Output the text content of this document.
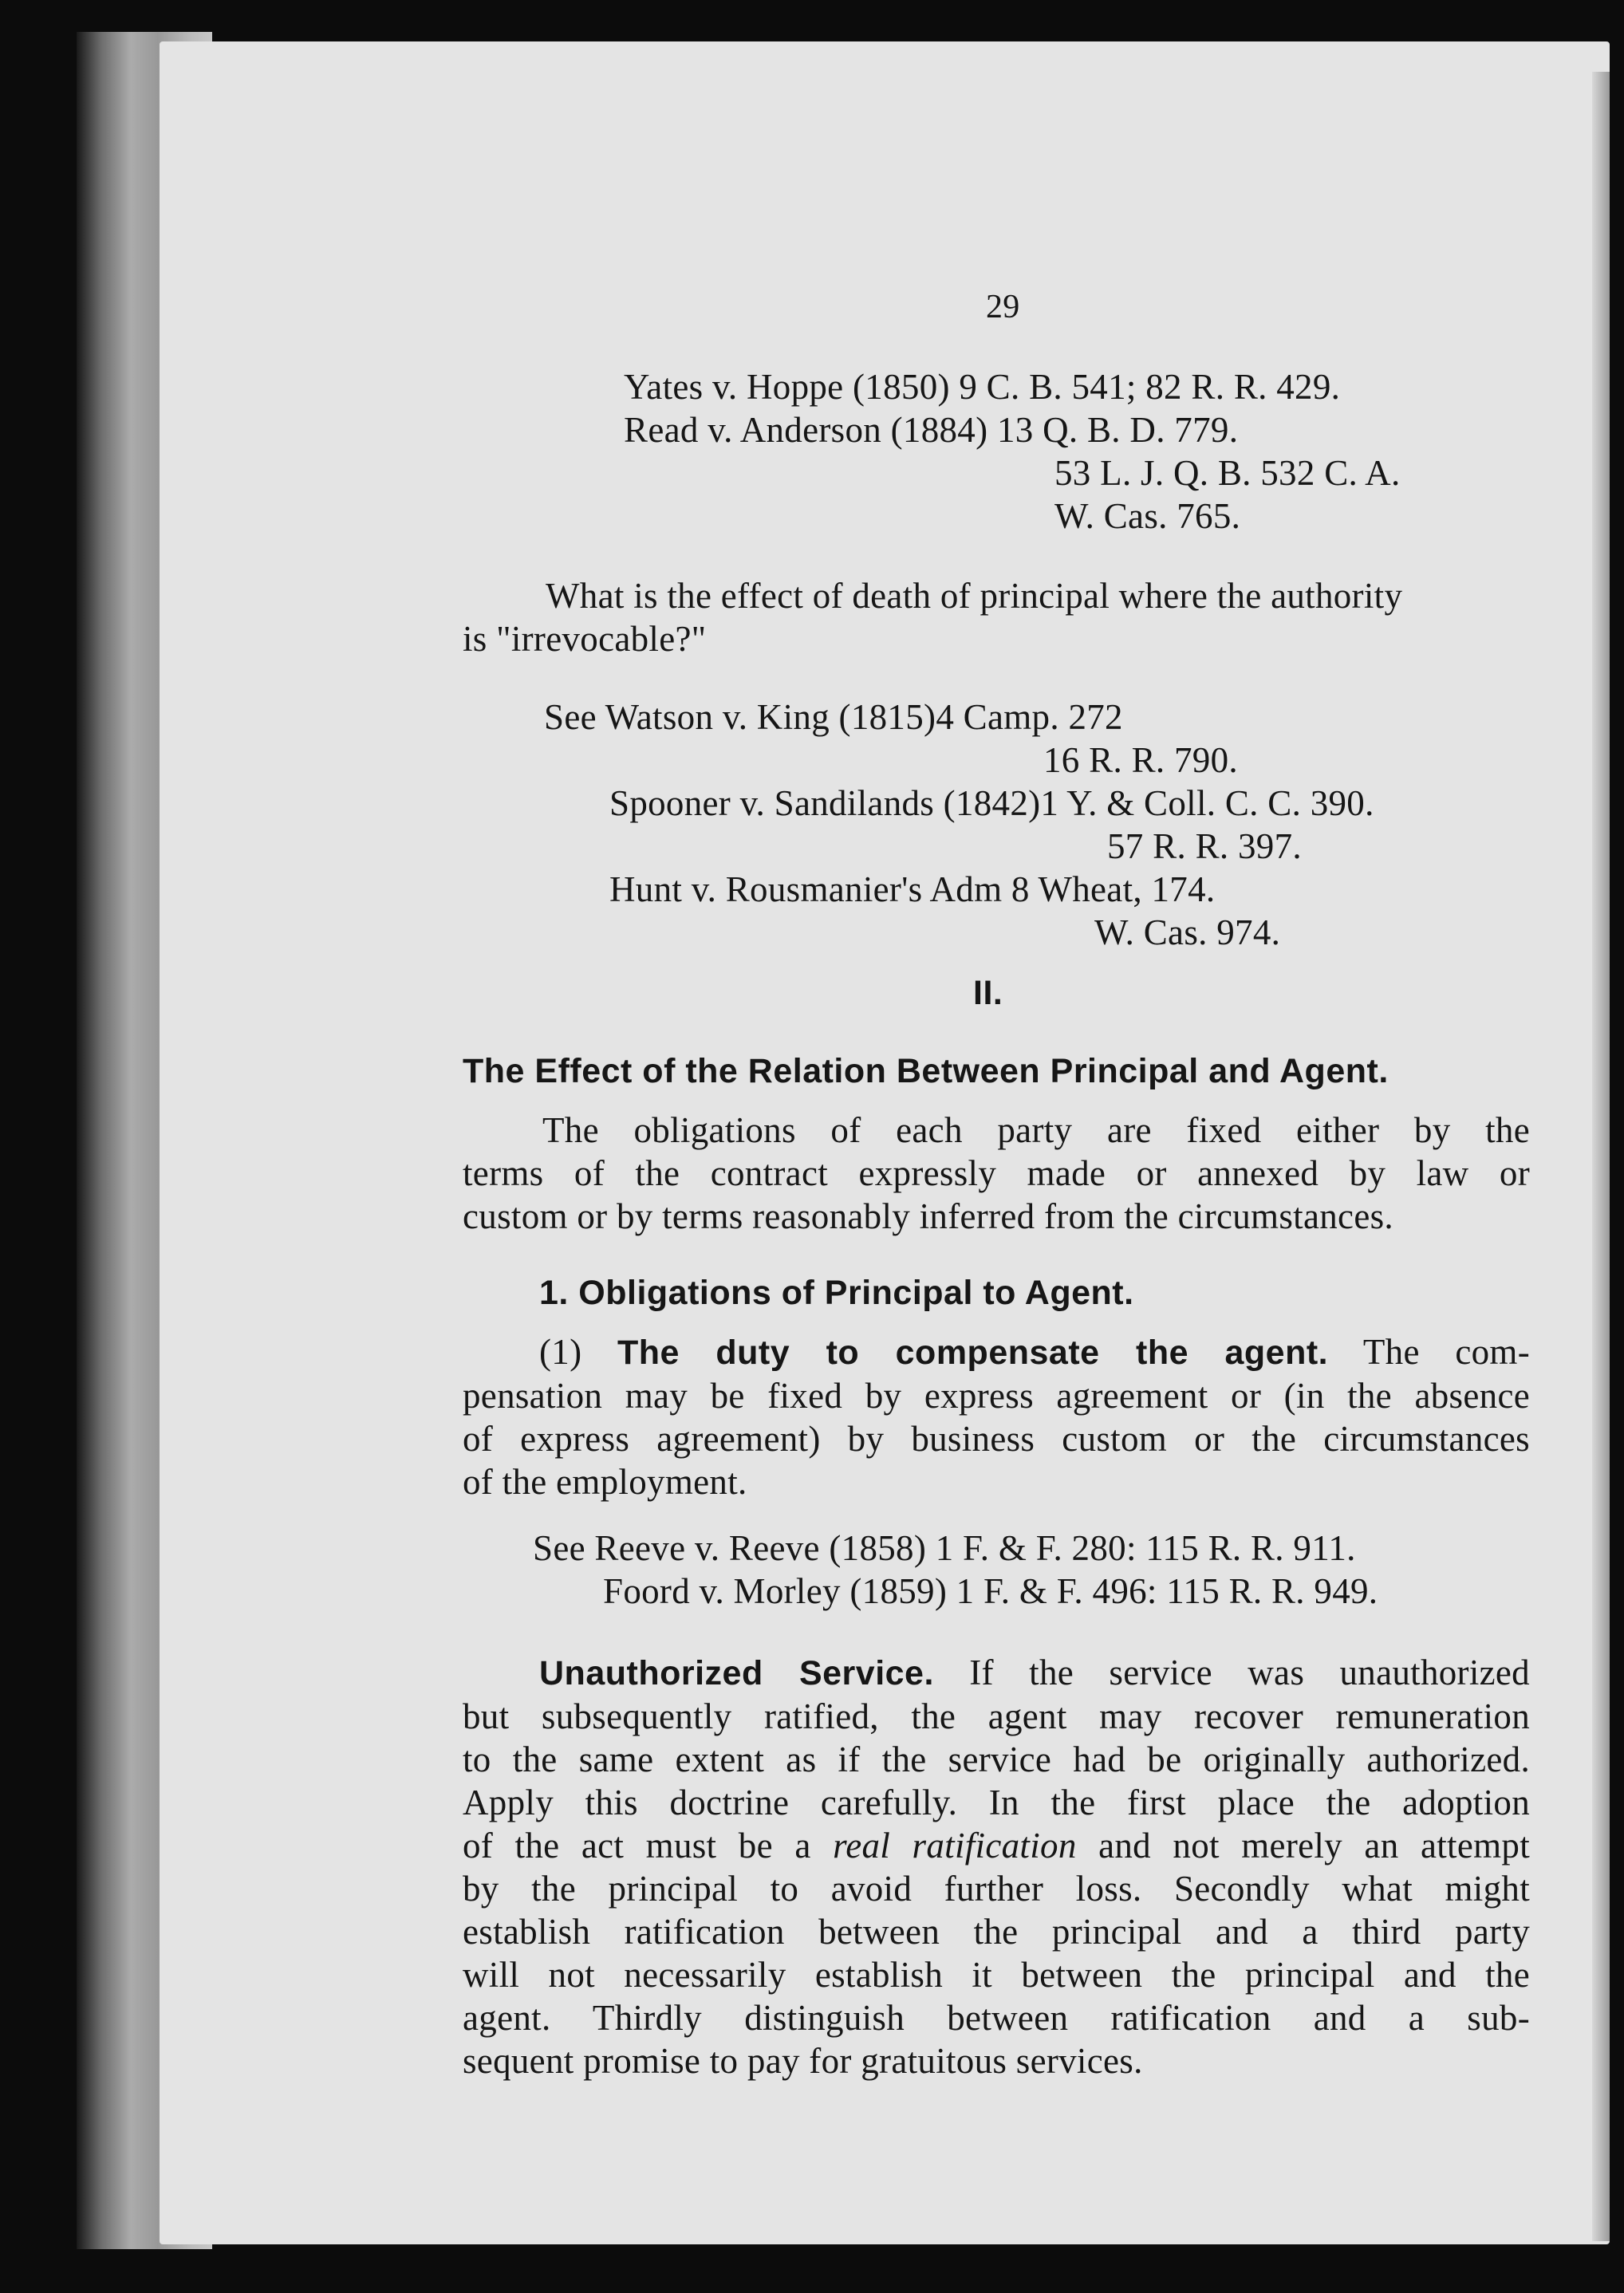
29
Yates v. Hoppe (1850) 9 C. B. 541; 82 R. R. 429.
Read v. Anderson (1884) 13 Q. B. D. 779.
53 L. J. Q. B. 532 C. A.
W. Cas. 765.
What is the effect of death of principal where the authority
is "irrevocable?"
See Watson v. King (1815)4 Camp. 272
16 R. R. 790.
Spooner v. Sandilands (1842)1 Y. & Coll. C. C. 390.
57 R. R. 397.
Hunt v. Rousmanier's Adm 8 Wheat, 174.
W. Cas. 974.
II.
The Effect of the Relation Between Principal and Agent.
The obligations of each party are fixed either by the
terms of the contract expressly made or annexed by law or
custom or by terms reasonably inferred from the circumstances.
1. Obligations of Principal to Agent.
(1) The duty to compensate the agent. The com-
pensation may be fixed by express agreement or (in the absence
of express agreement) by business custom or the circumstances
of the employment.
See Reeve v. Reeve (1858) 1 F. & F. 280: 115 R. R. 911.
Foord v. Morley (1859) 1 F. & F. 496: 115 R. R. 949.
Unauthorized Service. If the service was unauthorized
but subsequently ratified, the agent may recover remuneration
to the same extent as if the service had be originally authorized.
Apply this doctrine carefully. In the first place the adoption
of the act must be a real ratification and not merely an attempt
by the principal to avoid further loss. Secondly what might
establish ratification between the principal and a third party
will not necessarily establish it between the principal and the
agent. Thirdly distinguish between ratification and a sub-
sequent promise to pay for gratuitous services.
